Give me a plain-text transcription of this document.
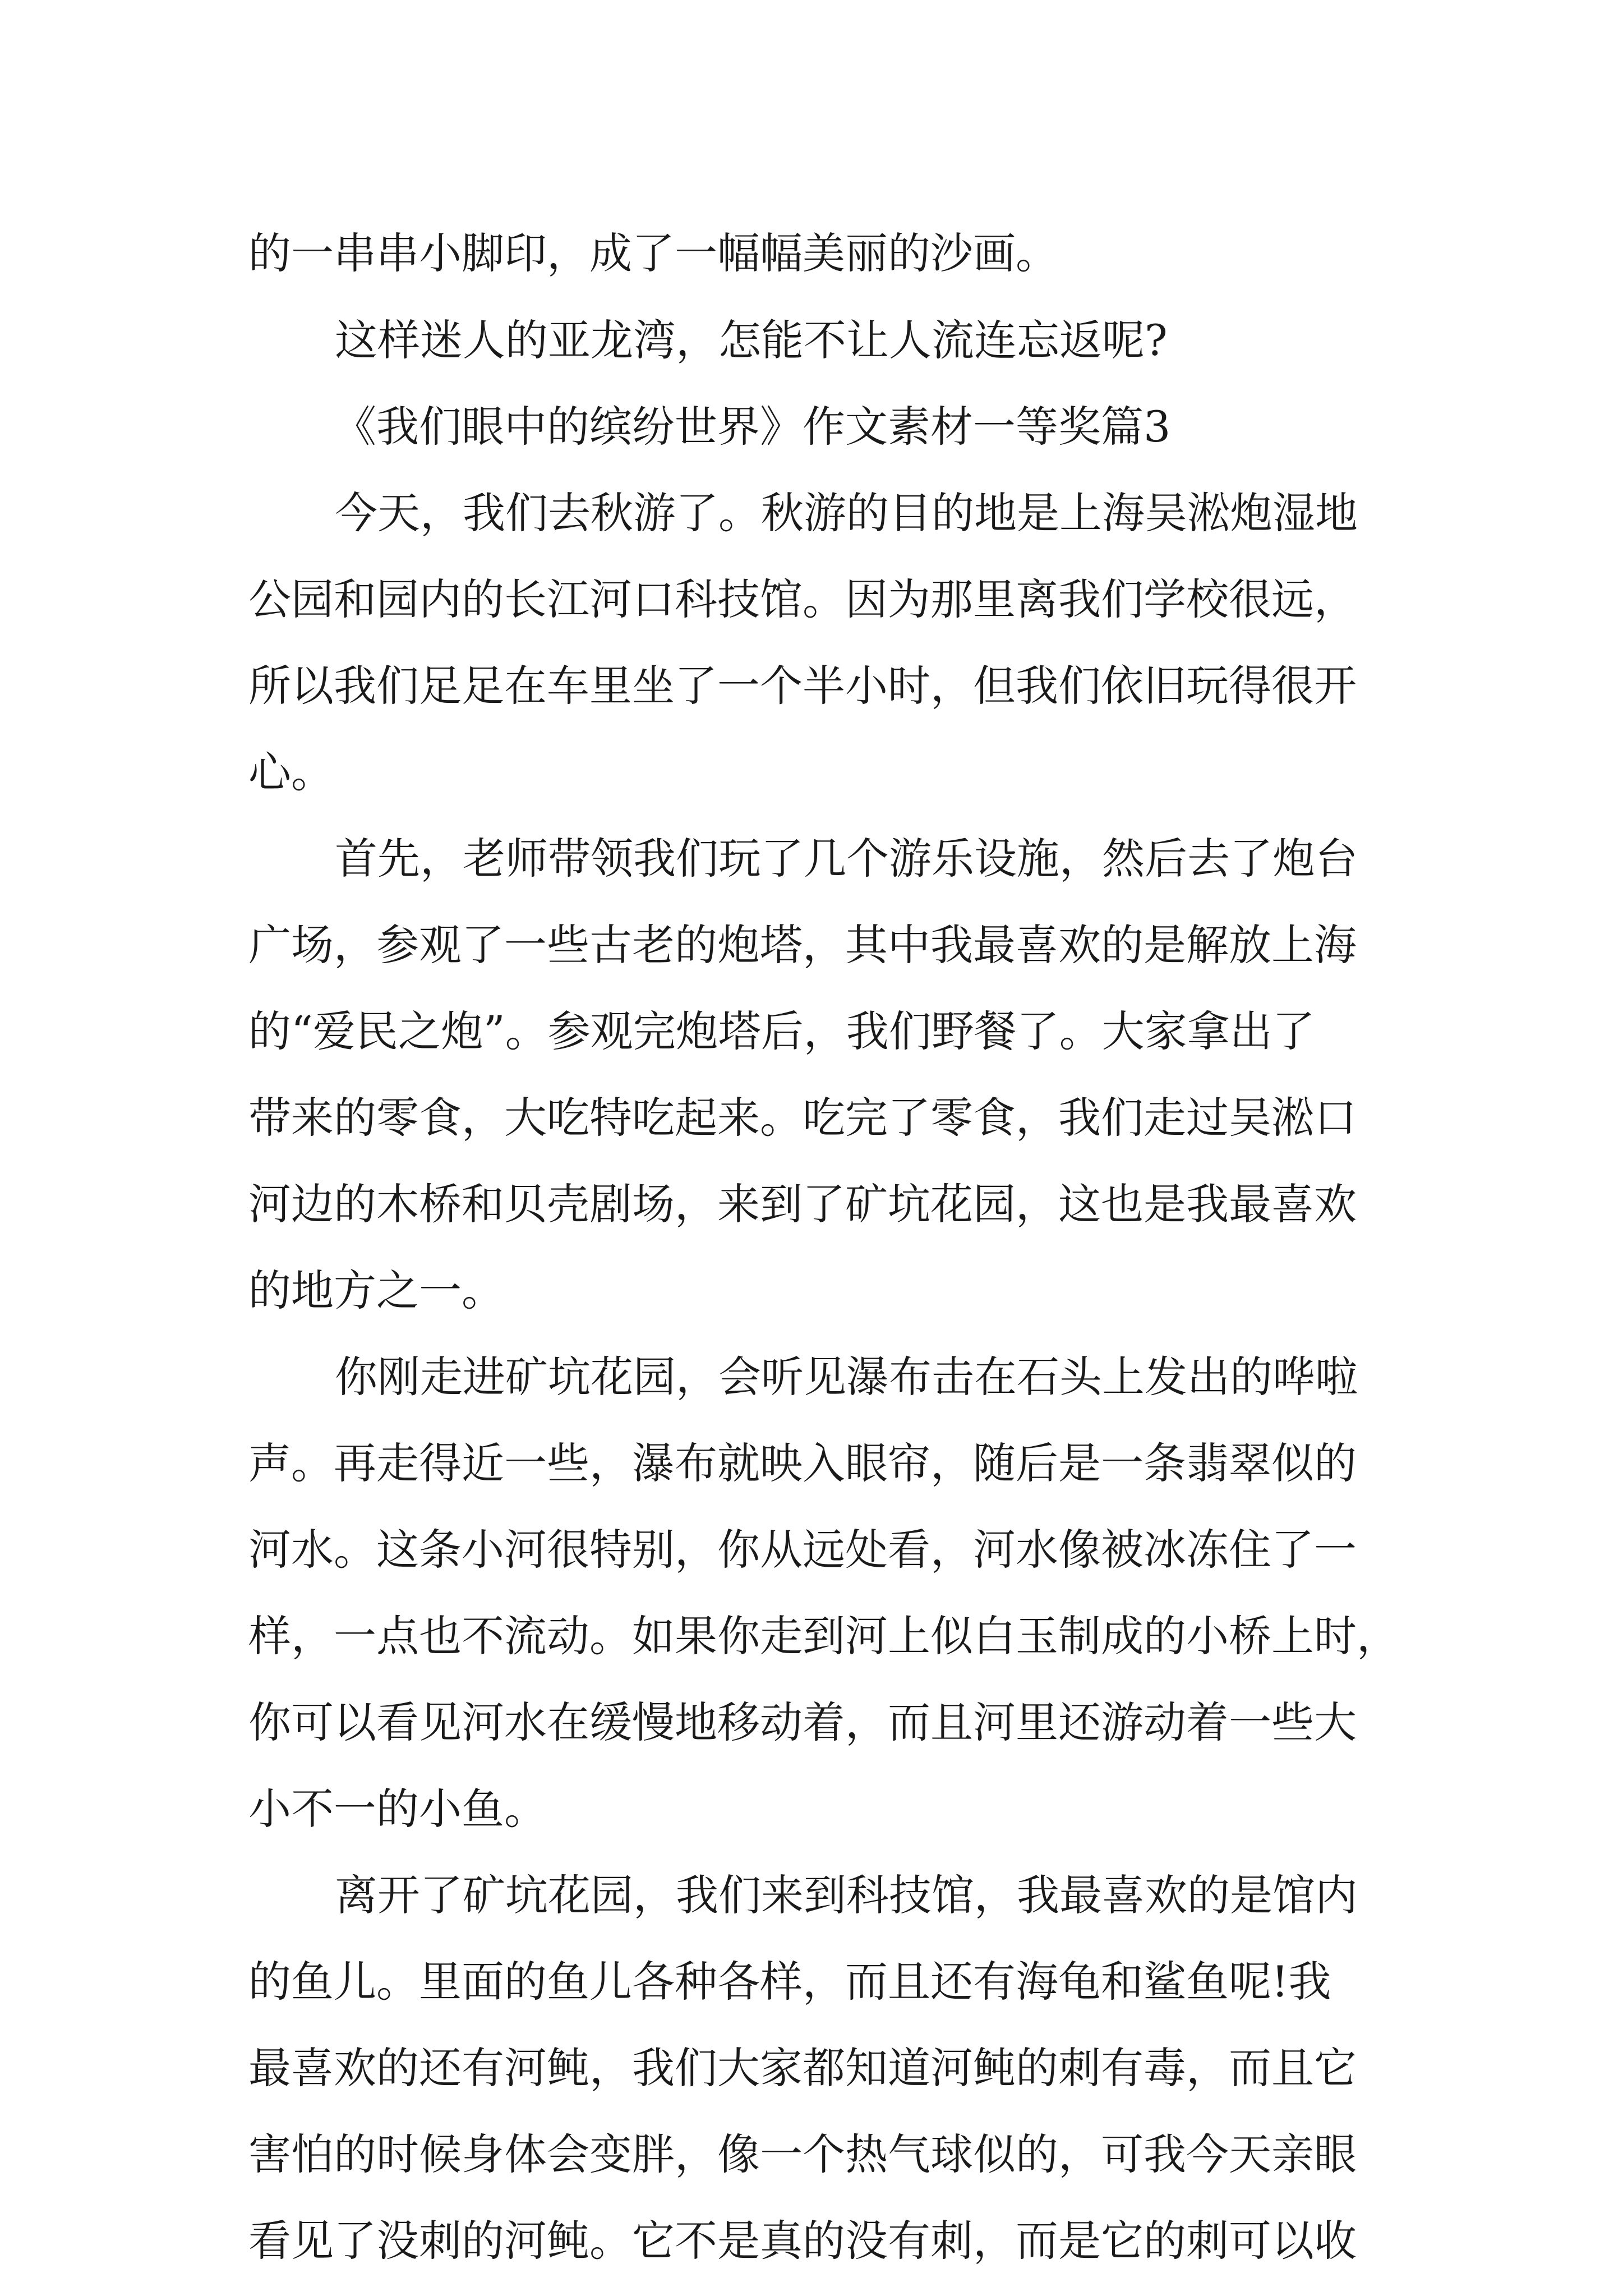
的一串串小脚印，成了一幅幅美丽的沙画。
这样迷人的亚龙湾，怎能不让人流连忘返呢?
《我们眼中的缤纷世界》作文素材一等奖篇3
今天，我们去秋游了。秋游的目的地是上海吴淞炮湿地
公园和园内的长江河口科技馆。因为那里离我们学校很远，
所以我们足足在车里坐了一个半小时，但我们依旧玩得很开
心。
首先，老师带领我们玩了几个游乐设施，然后去了炮台
广场，参观了一些古老的炮塔，其中我最喜欢的是解放上海
的“爱民之炮”。参观完炮塔后，我们野餐了。大家拿出了
带来的零食，大吃特吃起来。吃完了零食，我们走过吴淞口
河边的木桥和贝壳剧场，来到了矿坑花园，这也是我最喜欢
的地方之一。
你刚走进矿坑花园，会听见瀑布击在石头上发出的哗啦
声。再走得近一些，瀑布就映入眼帘，随后是一条翡翠似的
河水。这条小河很特别，你从远处看，河水像被冰冻住了一
样，一点也不流动。如果你走到河上似白玉制成的小桥上时，
你可以看见河水在缓慢地移动着，而且河里还游动着一些大
小不一的小鱼。
离开了矿坑花园，我们来到科技馆，我最喜欢的是馆内
的鱼儿。里面的鱼儿各种各样，而且还有海龟和鲨鱼呢!我
最喜欢的还有河鲀，我们大家都知道河鲀的刺有毒，而且它
害怕的时候身体会变胖，像一个热气球似的，可我今天亲眼
看见了没刺的河鲀。它不是真的没有刺，而是它的刺可以收
